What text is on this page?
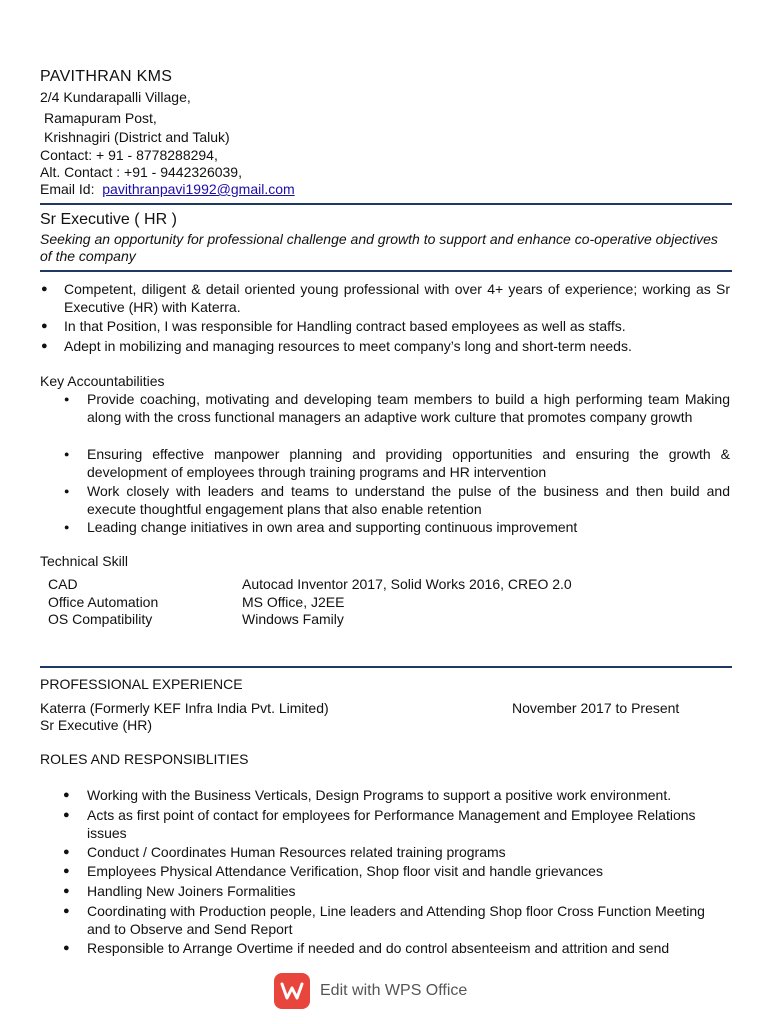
PAVITHRAN KMS
2/4 Kundarapalli Village,
Ramapuram Post,
Krishnagiri (District and Taluk)
Contact: + 91 - 8778288294,
Alt. Contact : +91 - 9442326039,
Email Id: pavithranpavi1992@gmail.com
Sr Executive ( HR )
Seeking an opportunity for professional challenge and growth to support and enhance co-operative objectives of the company
● Competent, diligent & detail oriented young professional with over 4+ years of experience; working as Sr Executive (HR) with Katerra.
● In that Position, I was responsible for Handling contract based employees as well as staffs.
● Adept in mobilizing and managing resources to meet company’s long and short-term needs.
Key Accountabilities
● Provide coaching, motivating and developing team members to build a high performing team Making along with the cross functional managers an adaptive work culture that promotes company growth
● Ensuring effective manpower planning and providing opportunities and ensuring the growth & development of employees through training programs and HR intervention
● Work closely with leaders and teams to understand the pulse of the business and then build and execute thoughtful engagement plans that also enable retention
● Leading change initiatives in own area and supporting continuous improvement
Technical Skill
CAD	Autocad Inventor 2017, Solid Works 2016, CREO 2.0
Office Automation	MS Office, J2EE
OS Compatibility	Windows Family
PROFESSIONAL EXPERIENCE
Katerra (Formerly KEF Infra India Pvt. Limited)	November 2017 to Present
Sr Executive (HR)
ROLES AND RESPONSIBLITIES
● Working with the Business Verticals, Design Programs to support a positive work environment.
● Acts as first point of contact for employees for Performance Management and Employee Relations issues
● Conduct / Coordinates Human Resources related training programs
● Employees Physical Attendance Verification, Shop floor visit and handle grievances
● Handling New Joiners Formalities
● Coordinating with Production people, Line leaders and Attending Shop floor Cross Function Meeting and to Observe and Send Report
● Responsible to Arrange Overtime if needed and do control absenteeism and attrition and send
Edit with WPS Office
